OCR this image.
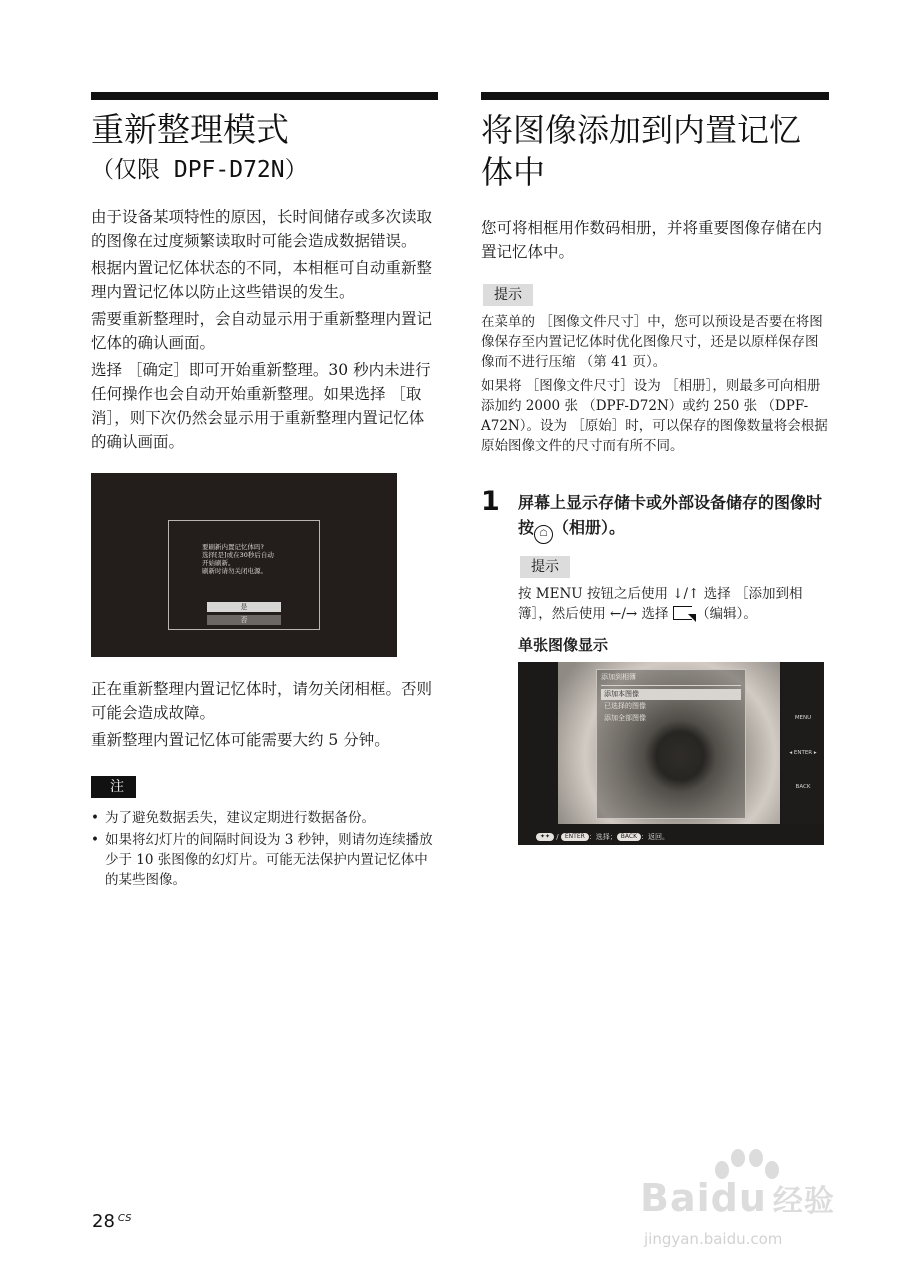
重新整理模式
（仅限 DPF-D72N）

由于设备某项特性的原因，长时间储存或多次读取的图像在过度频繁读取时可能会造成数据错误。

根据内置记忆体状态的不同，本相框可自动重新整理内置记忆体以防止这些错误的发生。

需要重新整理时，会自动显示用于重新整理内置记忆体的确认画面。

选择 ［确定］即可开始重新整理。30 秒内未进行任何操作也会自动开始重新整理。如果选择 ［取消］，则下次仍然会显示用于重新整理内置记忆体的确认画面。

要刷新内置记忆体吗?
选择[是]或在30秒后自动
开始刷新。
刷新时请勿关闭电源。
是
否

正在重新整理内置记忆体时，请勿关闭相框。否则可能会造成故障。

重新整理内置记忆体可能需要大约 5 分钟。

注
• 为了避免数据丢失，建议定期进行数据备份。
• 如果将幻灯片的间隔时间设为 3 秒钟，则请勿连续播放少于 10 张图像的幻灯片。可能无法保护内置记忆体中的某些图像。
将图像添加到内置记忆
体中

您可将相框用作数码相册，并将重要图像存储在内置记忆体中。

提示

在菜单的 ［图像文件尺寸］中，您可以预设是否要在将图像保存至内置记忆体时优化图像尺寸，还是以原样保存图像而不进行压缩 （第 41 页）。

如果将 ［图像文件尺寸］设为 ［相册］，则最多可向相册添加约 2000 张 （DPF-D72N）或约 250 张 （DPF-A72N）。设为 ［原始］时，可以保存的图像数量将会根据原始图像文件的尺寸而有所不同。

1 屏幕上显示存储卡或外部设备储存的图像时按 ☖ （相册）。
提示

按 MENU 按钮之后使用 ↓/↑ 选择 ［添加到相簿］，然后使用 ←/→ 选择 （编辑）。

单张图像显示
添加到相簿
添加本图像
已选择的图像
添加全部图像	MENU
◂ ENTER ▸
BACK
✦✦ / ENTER ：选择； BACK ：返回。
28 $^{CS}$	Baidu 经验
jingyan.baidu.com
